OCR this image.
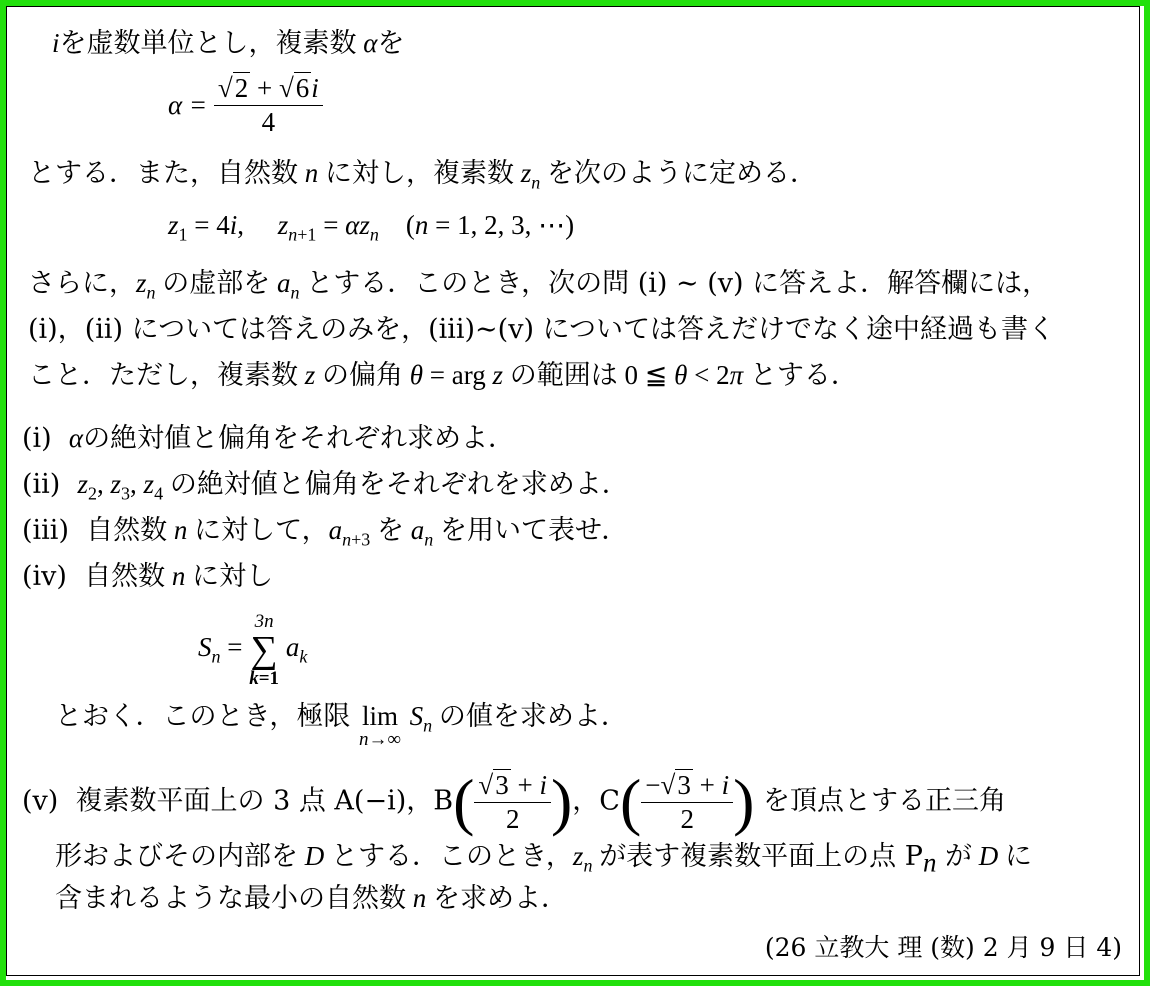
iを虚数単位とし，複素数 αを
$\alpha = \frac{√2 + √6i}{4}$
とする．また，自然数 n に対し，複素数 $z_n$ を次のように定める．
$z_1 = 4i$,     $z_{n+1} = \alpha z_n$ (n = 1, 2, 3, ⋯)
さらに，$z_n$ の虚部を $a_n$ とする．このとき，次の問 (i) ∼ (v) に答えよ．解答欄には，
(i)，(ii) については答えのみを，(iii)∼(v) については答えだけでなく途中経過も書く
こと．ただし，複素数 z の偏角 θ = arg z の範囲は 0 ≦ θ < 2π とする．
(i) αの絶対値と偏角をそれぞれ求めよ．
(ii) $z_2$, $z_3$, $z_4$ の絶対値と偏角をそれぞれを求めよ．
(iii) 自然数 n に対して，$a_{n+3}$ を $a_n$ を用いて表せ．
(iv) 自然数 n に対し
$S_n$ =
3n
∑
k=1
$a_k$
とおく．このとき，極限 lim
n→∞
$S_n$ の値を求めよ．
(v) 複素数平面上の 3 点 A(−i)，$B( \frac{√3 + i}{2}$ )，$C( \frac{-√3 + i}{2}$ ) を頂点とする正三角
形およびその内部を D とする．このとき，$z_n$ が表す複素数平面上の点 $P_n$ が D に
含まれるような最小の自然数 n を求めよ．
(26 立教大 理 (数) 2 月 9 日 4)
